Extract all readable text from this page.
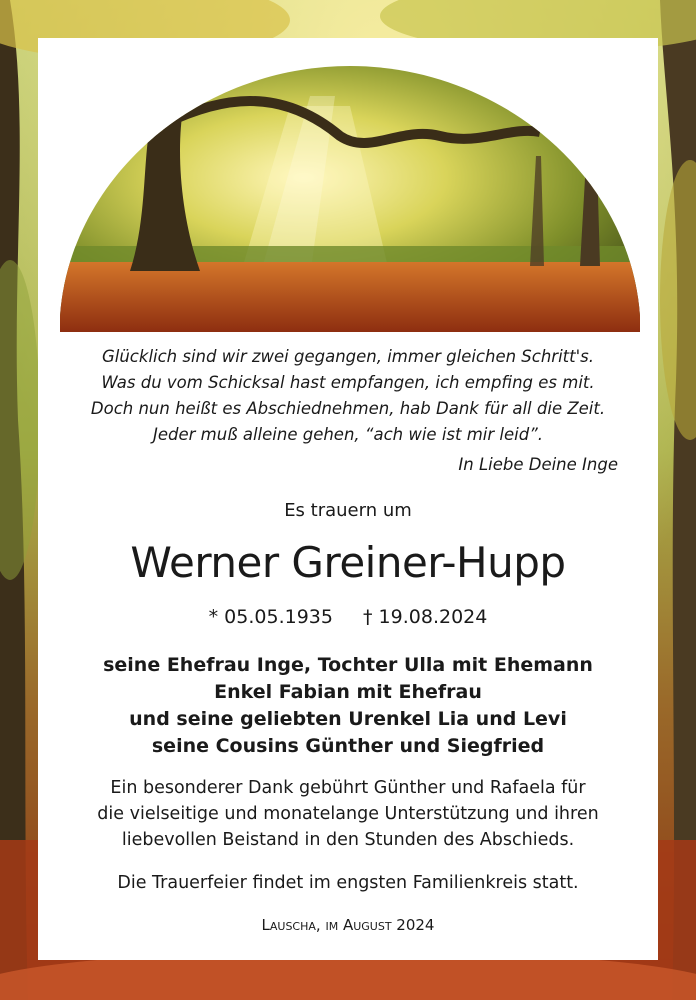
Glücklich sind wir zwei gegangen, immer gleichen Schritt's.
Was du vom Schicksal hast empfangen, ich empfing es mit.
Doch nun heißt es Abschiednehmen, hab Dank für all die Zeit.
Jeder muß alleine gehen, “ach wie ist mir leid”.
In Liebe Deine Inge
Es trauern um
Werner Greiner-Hupp
* 05.05.1935 † 19.08.2024
seine Ehefrau Inge, Tochter Ulla mit Ehemann
Enkel Fabian mit Ehefrau
und seine geliebten Urenkel Lia und Levi
seine Cousins Günther und Siegfried
Ein besonderer Dank gebührt Günther und Rafaela für
die vielseitige und monatelange Unterstützung und ihren
liebevollen Beistand in den Stunden des Abschieds.
Die Trauerfeier findet im engsten Familienkreis statt.
Lauscha, im August 2024
